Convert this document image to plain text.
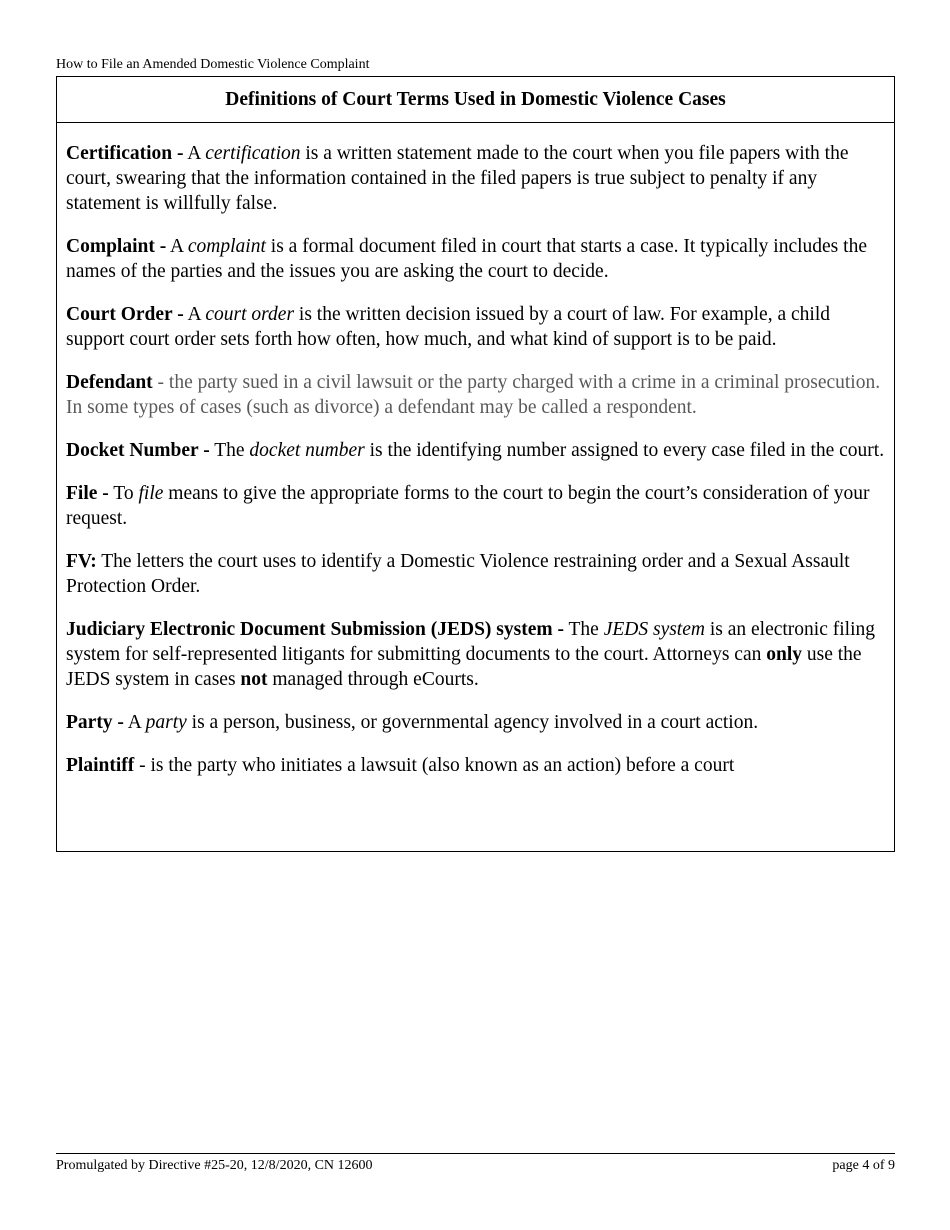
How to File an Amended Domestic Violence Complaint
Definitions of Court Terms Used in Domestic Violence Cases

Certification - A certification is a written statement made to the court when you file papers with the court, swearing that the information contained in the filed papers is true subject to penalty if any statement is willfully false.

Complaint - A complaint is a formal document filed in court that starts a case. It typically includes the names of the parties and the issues you are asking the court to decide.

Court Order - A court order is the written decision issued by a court of law. For example, a child support court order sets forth how often, how much, and what kind of support is to be paid.

Defendant - the party sued in a civil lawsuit or the party charged with a crime in a criminal prosecution. In some types of cases (such as divorce) a defendant may be called a respondent.

Docket Number - The docket number is the identifying number assigned to every case filed in the court.

File - To file means to give the appropriate forms to the court to begin the court’s consideration of your request.

FV: The letters the court uses to identify a Domestic Violence restraining order and a Sexual Assault Protection Order.

Judiciary Electronic Document Submission (JEDS) system - The JEDS system is an electronic filing system for self-represented litigants for submitting documents to the court. Attorneys can only use the JEDS system in cases not managed through eCourts.

Party - A party is a person, business, or governmental agency involved in a court action.

Plaintiff - is the party who initiates a lawsuit (also known as an action) before a court

Promulgated by Directive #25-20, 12/8/2020, CN 12600	page 4 of 9
